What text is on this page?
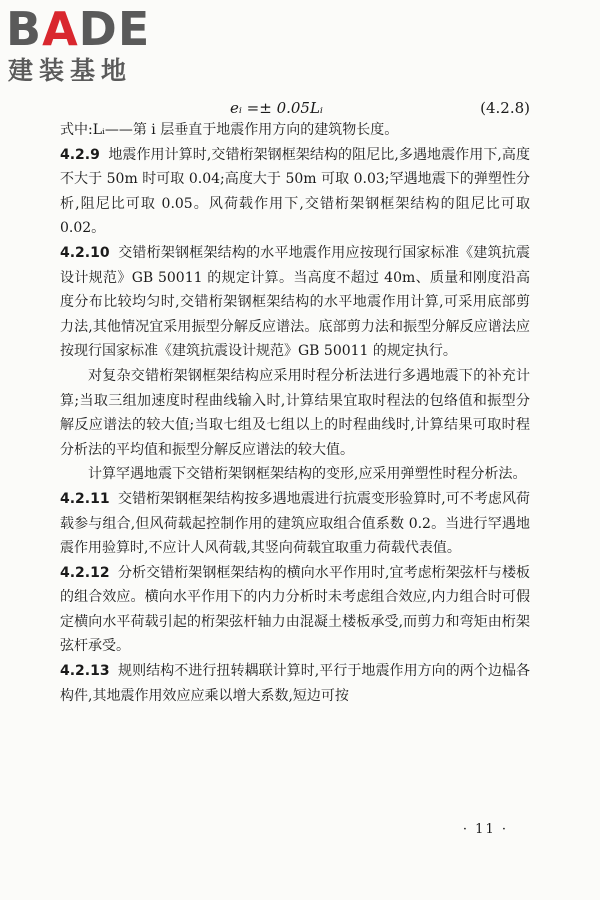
BADE
建装基地
eᵢ =± 0.05Lᵢ	(4.2.8)

式中:Lᵢ——第 i 层垂直于地震作用方向的建筑物长度。

4.2.9 地震作用计算时,交错桁架钢框架结构的阻尼比,多遇地震作用下,高度不大于 50m 时可取 0.04;高度大于 50m 可取 0.03;罕遇地震下的弹塑性分析,阻尼比可取 0.05。风荷载作用下,交错桁架钢框架结构的阻尼比可取 0.02。

4.2.10 交错桁架钢框架结构的水平地震作用应按现行国家标准《建筑抗震设计规范》GB 50011 的规定计算。当高度不超过 40m、质量和刚度沿高度分布比较均匀时,交错桁架钢框架结构的水平地震作用计算,可采用底部剪力法,其他情况宜采用振型分解反应谱法。底部剪力法和振型分解反应谱法应按现行国家标准《建筑抗震设计规范》GB 50011 的规定执行。

对复杂交错桁架钢框架结构应采用时程分析法进行多遇地震下的补充计算;当取三组加速度时程曲线输入时,计算结果宜取时程法的包络值和振型分解反应谱法的较大值;当取七组及七组以上的时程曲线时,计算结果可取时程分析法的平均值和振型分解反应谱法的较大值。

计算罕遇地震下交错桁架钢框架结构的变形,应采用弹塑性时程分析法。

4.2.11 交错桁架钢框架结构按多遇地震进行抗震变形验算时,可不考虑风荷载参与组合,但风荷载起控制作用的建筑应取组合值系数 0.2。当进行罕遇地震作用验算时,不应计人风荷载,其竖向荷载宜取重力荷载代表值。

4.2.12 分析交错桁架钢框架结构的横向水平作用时,宜考虑桁架弦杆与楼板的组合效应。横向水平作用下的内力分析时未考虑组合效应,内力组合时可假定横向水平荷载引起的桁架弦杆轴力由混凝土楼板承受,而剪力和弯矩由桁架弦杆承受。

4.2.13 规则结构不进行扭转耦联计算时,平行于地震作用方向的两个边榀各构件,其地震作用效应应乘以增大系数,短边可按

· 11 ·
